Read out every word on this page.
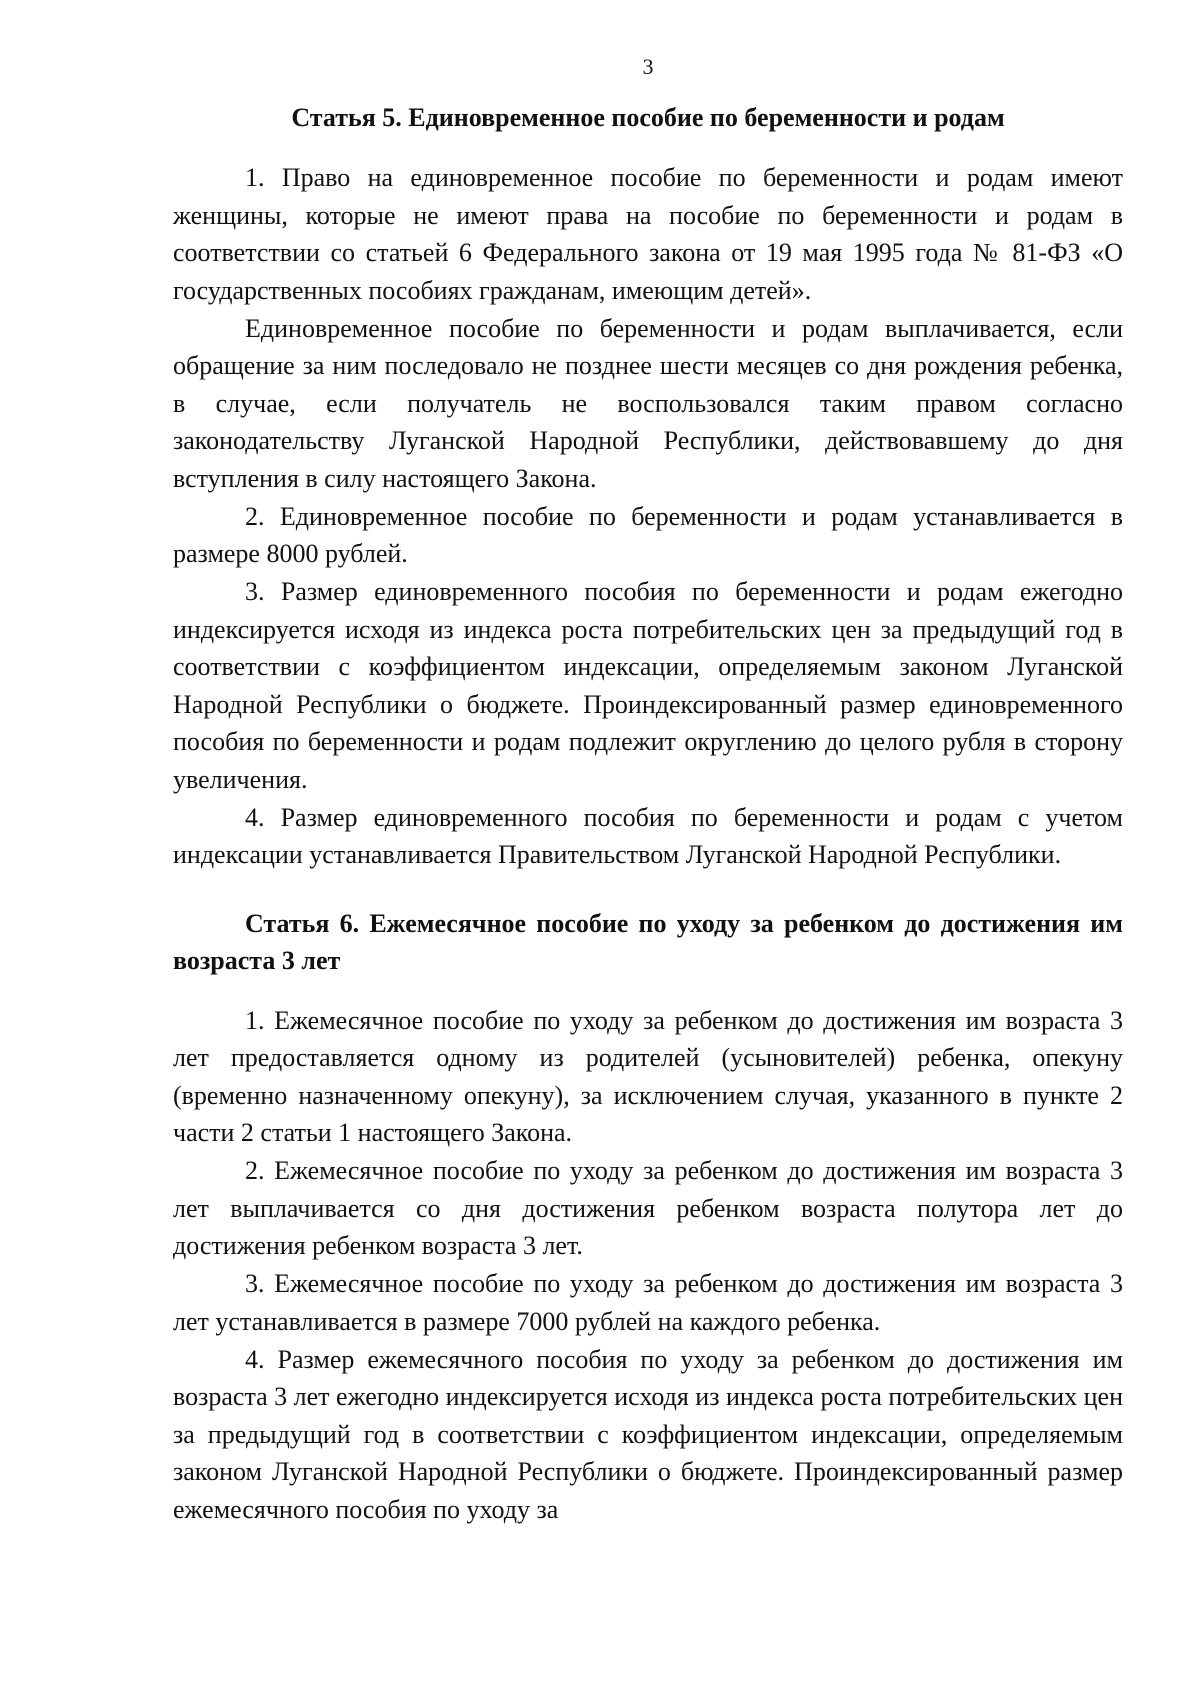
3
Статья 5. Единовременное пособие по беременности и родам

1. Право на единовременное пособие по беременности и родам имеют женщины, которые не имеют права на пособие по беременности и родам в соответствии со статьей 6 Федерального закона от 19 мая 1995 года № 81-ФЗ «О государственных пособиях гражданам, имеющим детей».

Единовременное пособие по беременности и родам выплачивается, если обращение за ним последовало не позднее шести месяцев со дня рождения ребенка, в случае, если получатель не воспользовался таким правом согласно законодательству Луганской Народной Республики, действовавшему до дня вступления в силу настоящего Закона.

2. Единовременное пособие по беременности и родам устанавливается в размере 8000 рублей.

3. Размер единовременного пособия по беременности и родам ежегодно индексируется исходя из индекса роста потребительских цен за предыдущий год в соответствии с коэффициентом индексации, определяемым законом Луганской Народной Республики о бюджете. Проиндексированный размер единовременного пособия по беременности и родам подлежит округлению до целого рубля в сторону увеличения.

4. Размер единовременного пособия по беременности и родам с учетом индексации устанавливается Правительством Луганской Народной Республики.

Статья 6. Ежемесячное пособие по уходу за ребенком до достижения им возраста 3 лет

1. Ежемесячное пособие по уходу за ребенком до достижения им возраста 3 лет предоставляется одному из родителей (усыновителей) ребенка, опекуну (временно назначенному опекуну), за исключением случая, указанного в пункте 2 части 2 статьи 1 настоящего Закона.

2. Ежемесячное пособие по уходу за ребенком до достижения им возраста 3 лет выплачивается со дня достижения ребенком возраста полутора лет до достижения ребенком возраста 3 лет.

3. Ежемесячное пособие по уходу за ребенком до достижения им возраста 3 лет устанавливается в размере 7000 рублей на каждого ребенка.

4. Размер ежемесячного пособия по уходу за ребенком до достижения им возраста 3 лет ежегодно индексируется исходя из индекса роста потребительских цен за предыдущий год в соответствии с коэффициентом индексации, определяемым законом Луганской Народной Республики о бюджете. Проиндексированный размер ежемесячного пособия по уходу за
